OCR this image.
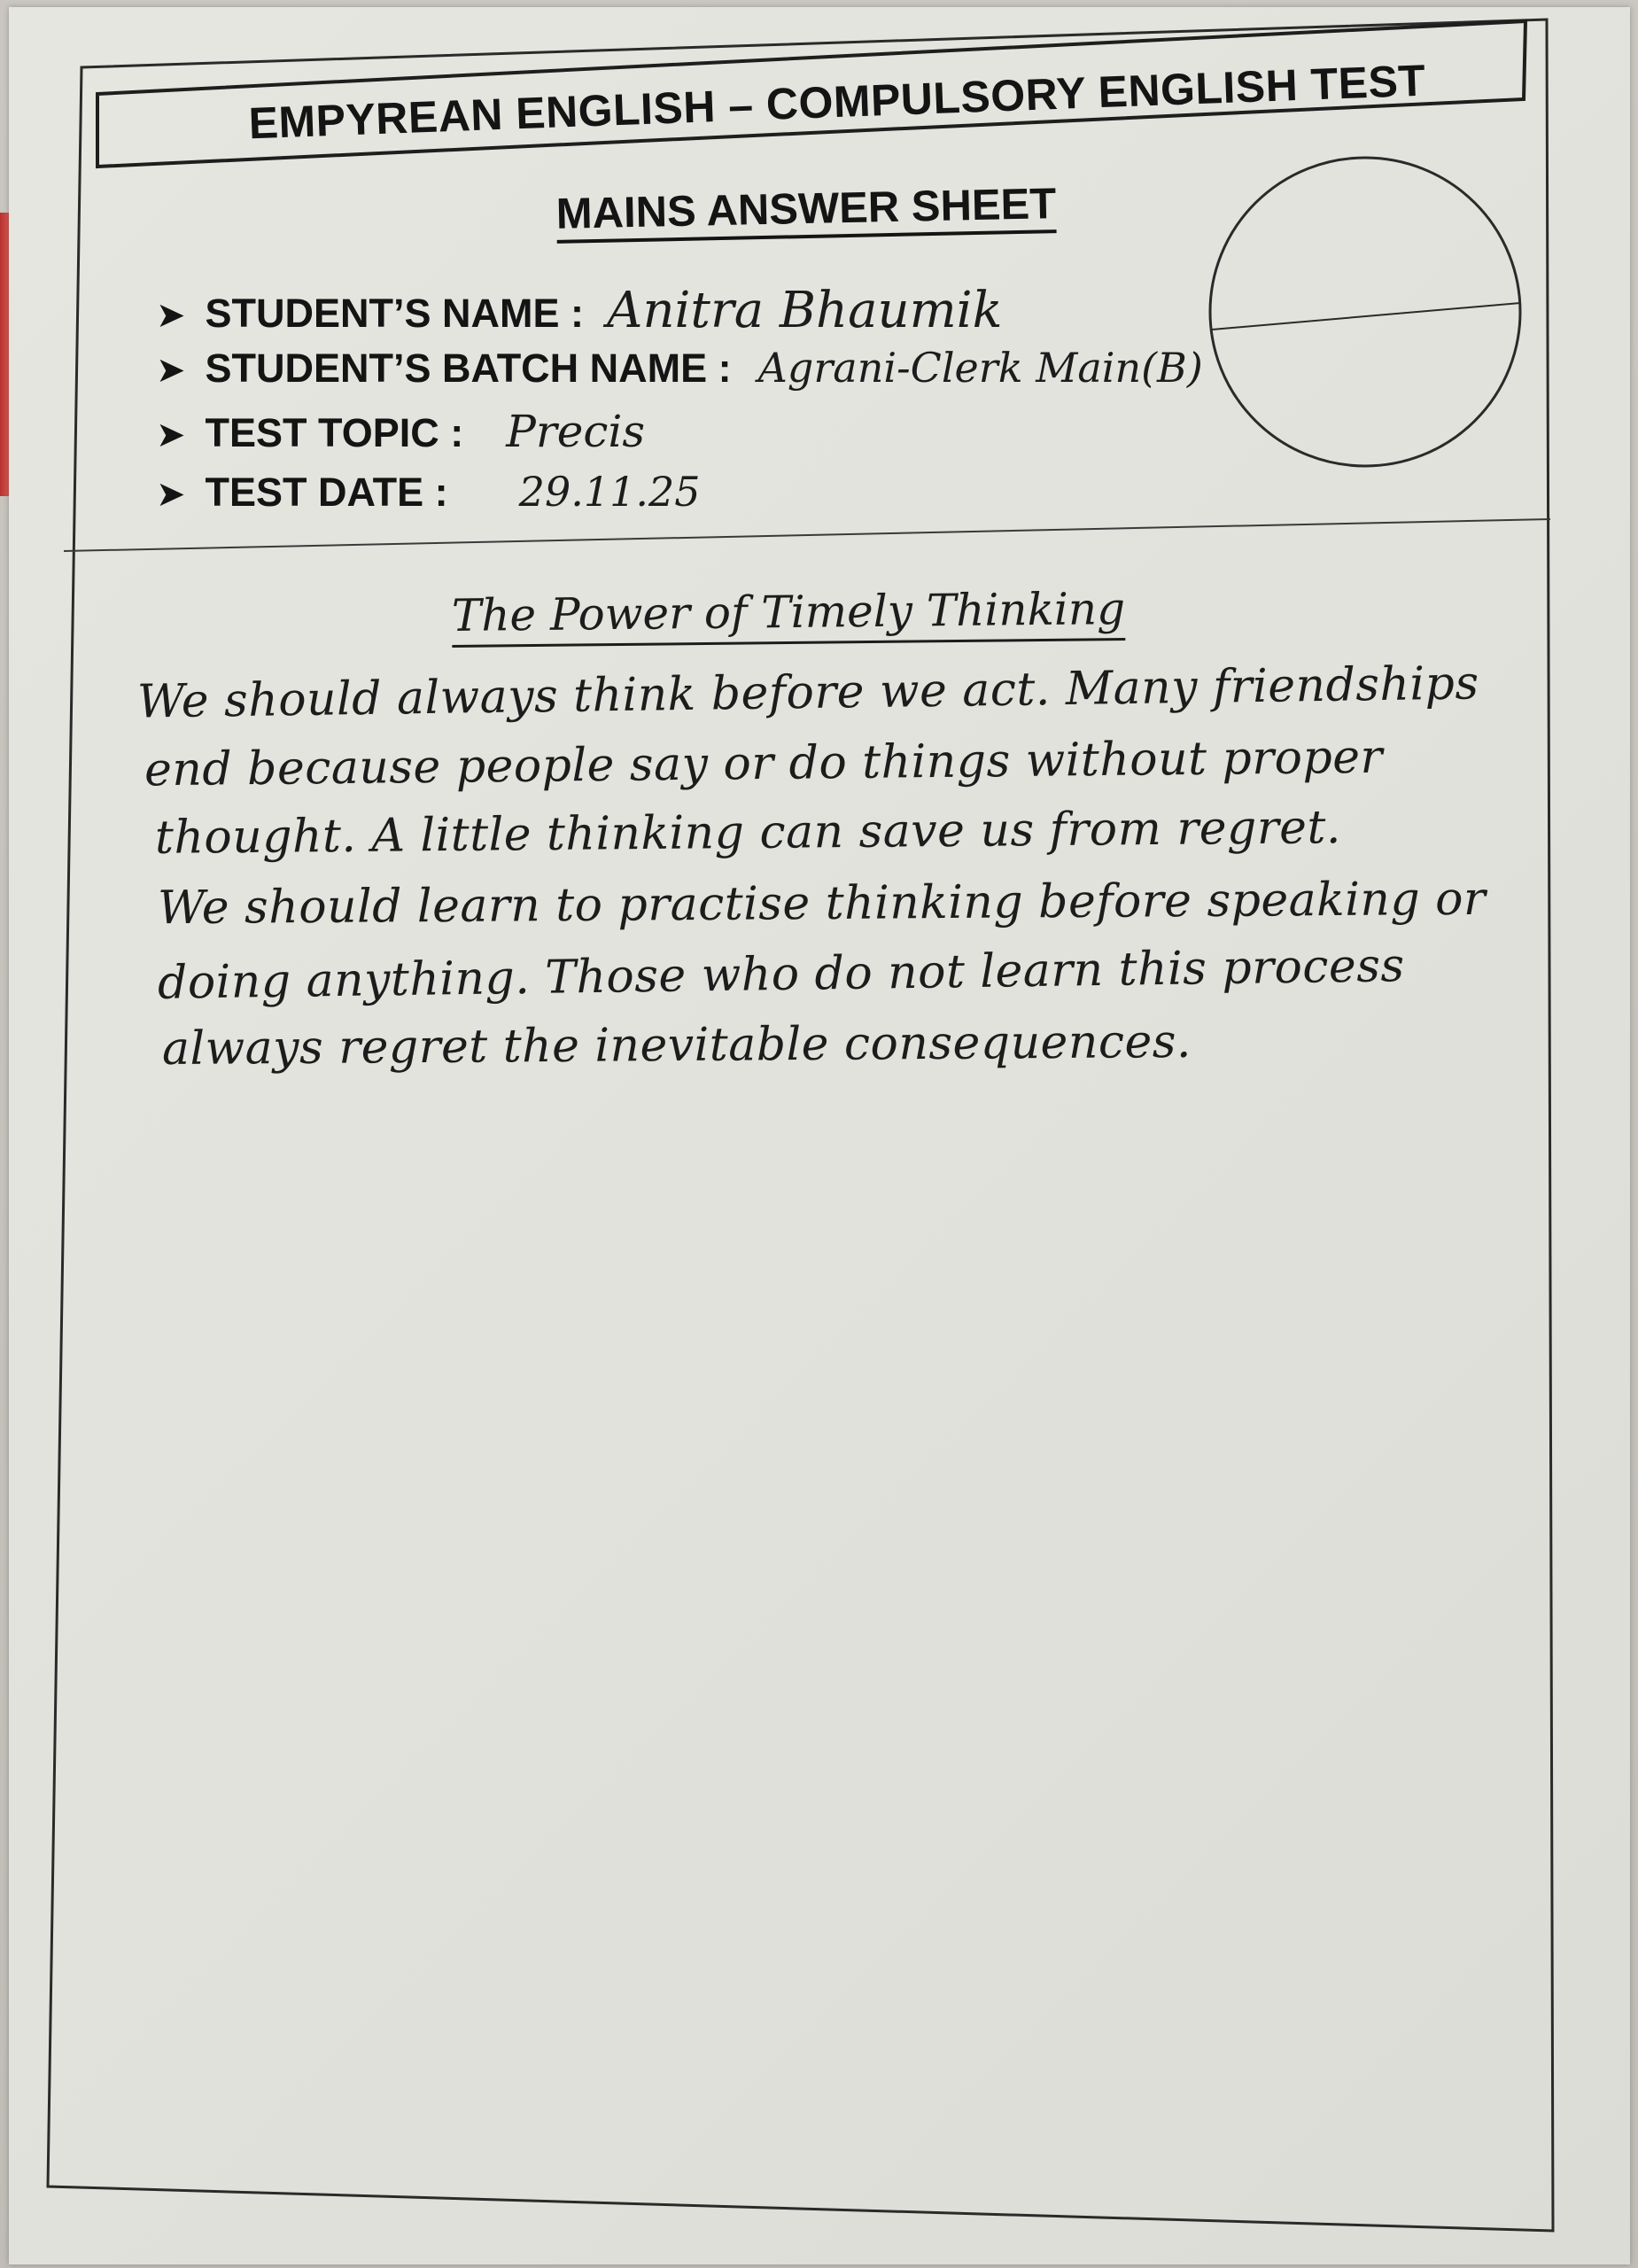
EMPYREAN ENGLISH – COMPULSORY ENGLISH TEST
MAINS ANSWER SHEET
➤ STUDENT’S NAME : Anitra Bhaumik
➤ STUDENT’S BATCH NAME : Agrani-Clerk Main(B)
➤ TEST TOPIC : Precis
➤ TEST DATE : 29.11.25
The Power of Timely Thinking
We should always think before we act. Many friendships
end because people say or do things without proper
thought. A little thinking can save us from regret.
We should learn to practise thinking before speaking or
doing anything. Those who do not learn this process
always regret the inevitable consequences.
